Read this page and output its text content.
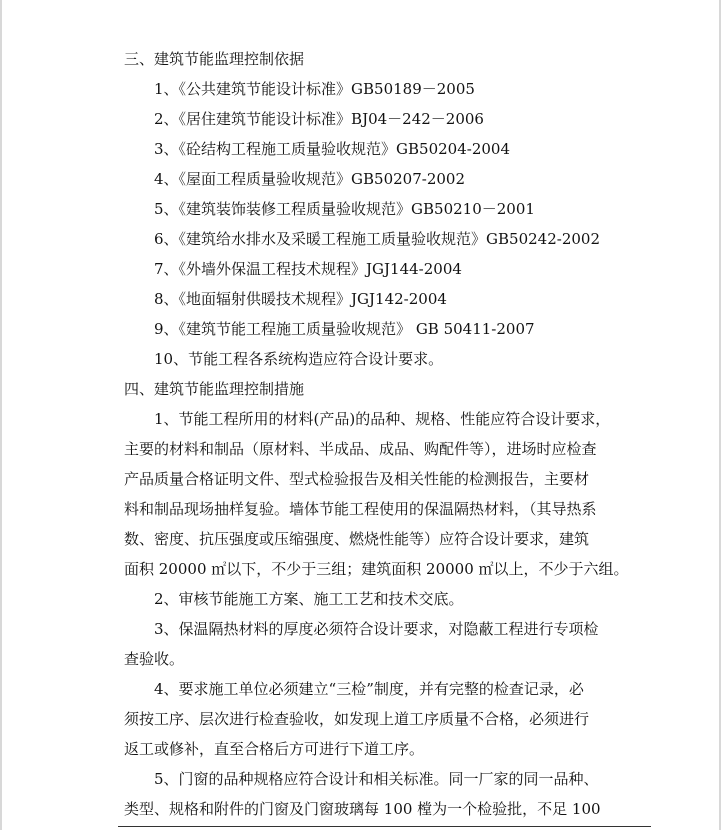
三、建筑节能监理控制依据
1、《公共建筑节能设计标准》GB50189－2005
2、《居住建筑节能设计标准》BJ04－242－2006
3、《砼结构工程施工质量验收规范》GB50204-2004
4、《屋面工程质量验收规范》GB50207-2002
5、《建筑装饰装修工程质量验收规范》GB50210－2001
6、《建筑给水排水及采暖工程施工质量验收规范》GB50242-2002
7、《外墙外保温工程技术规程》JGJ144-2004
8、《地面辐射供暖技术规程》JGJ142-2004
9、《建筑节能工程施工质量验收规范》 GB 50411-2007
10、节能工程各系统构造应符合设计要求。
四、建筑节能监理控制措施
1、节能工程所用的材料(产品)的品种、规格、性能应符合设计要求，
主要的材料和制品（原材料、半成品、成品、购配件等），进场时应检查
产品质量合格证明文件、型式检验报告及相关性能的检测报告，主要材
料和制品现场抽样复验。墙体节能工程使用的保温隔热材料，（其导热系
数、密度、抗压强度或压缩强度、燃烧性能等）应符合设计要求，建筑
面积 20000 ㎡以下，不少于三组；建筑面积 20000 ㎡以上，不少于六组。
2、审核节能施工方案、施工工艺和技术交底。
3、保温隔热材料的厚度必须符合设计要求，对隐蔽工程进行专项检
查验收。
4、要求施工单位必须建立“三检”制度，并有完整的检查记录，必
须按工序、层次进行检查验收，如发现上道工序质量不合格，必须进行
返工或修补，直至合格后方可进行下道工序。
5、门窗的品种规格应符合设计和相关标准。同一厂家的同一品种、
类型、规格和附件的门窗及门窗玻璃每 100 樘为一个检验批，不足 100
